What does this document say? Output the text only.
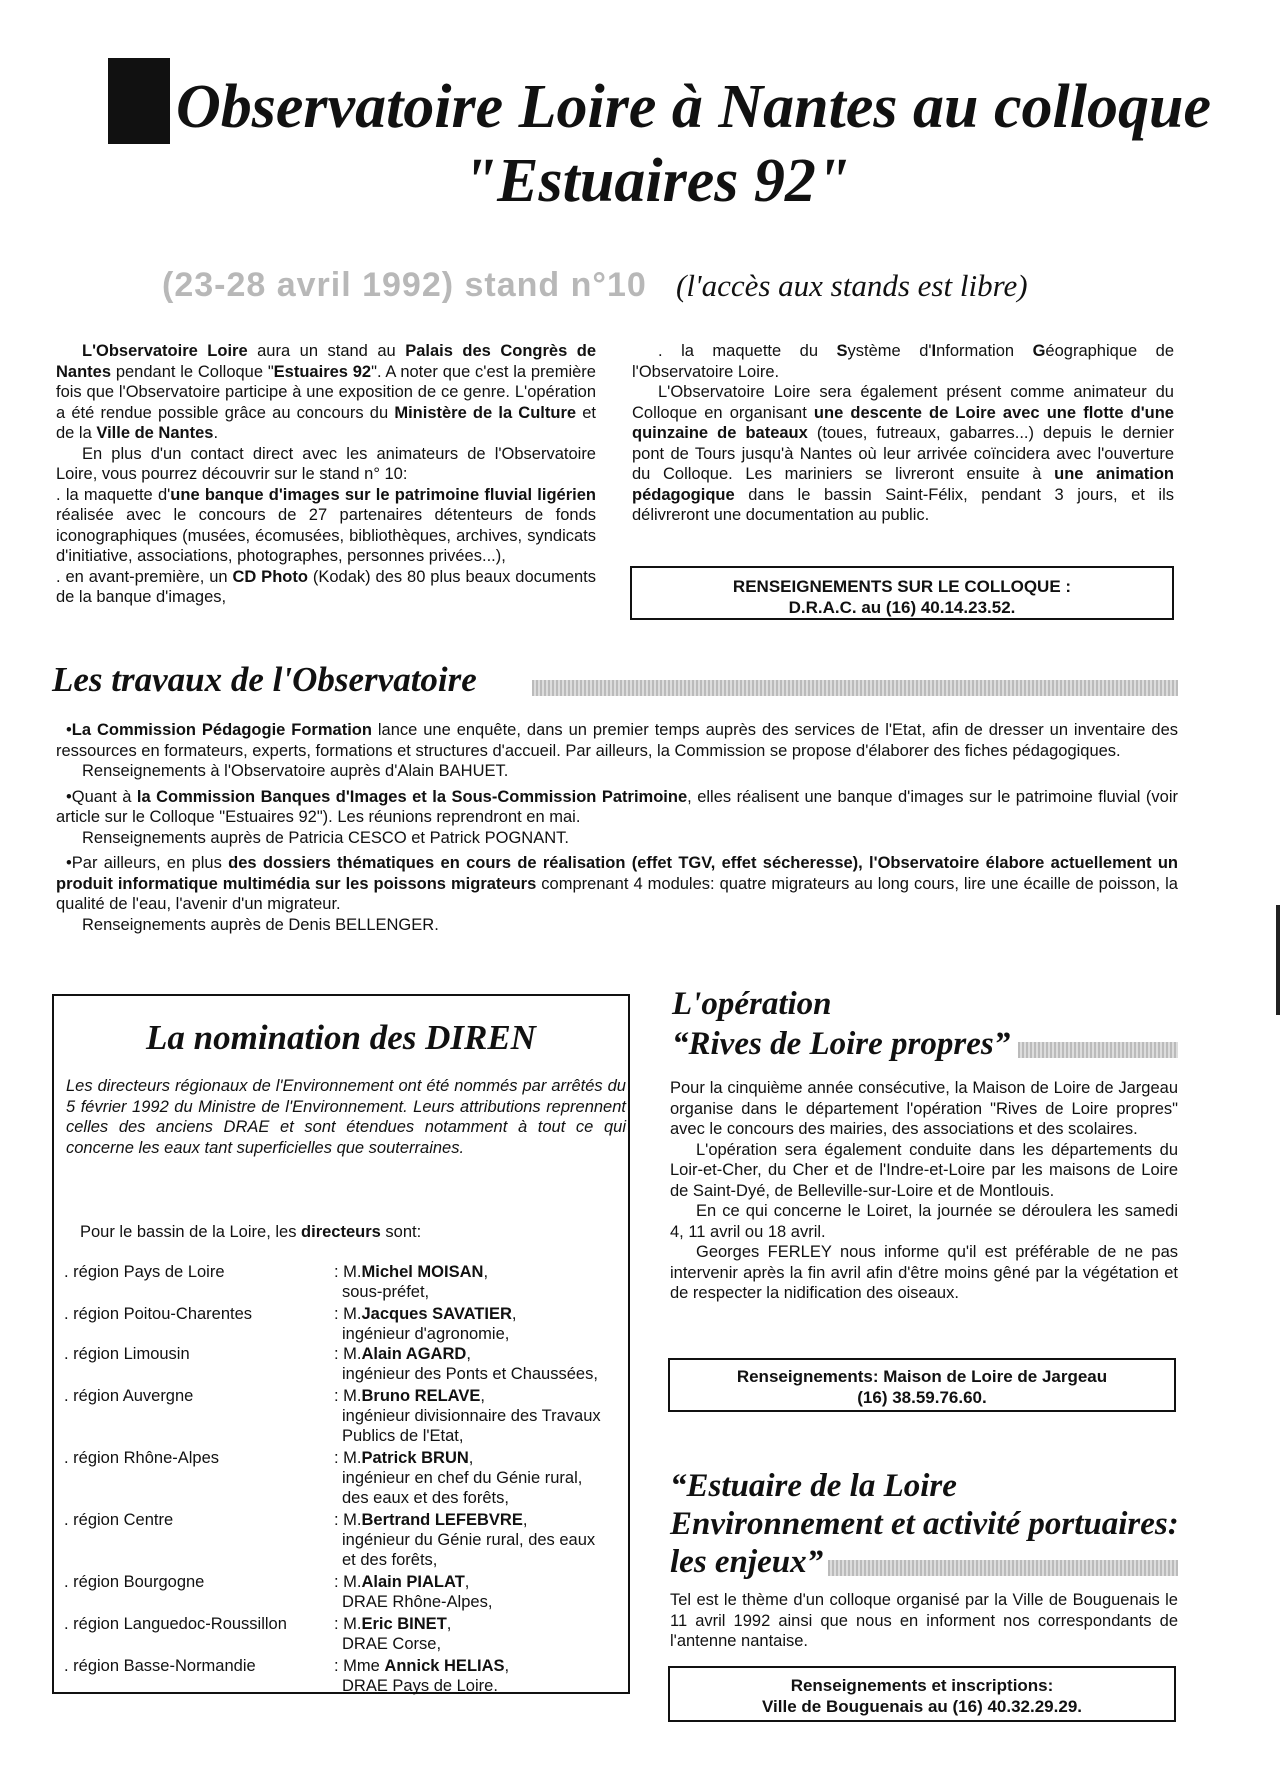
Observatoire Loire à Nantes au colloque
"Estuaires 92"
(23-28 avril 1992) stand n°10 (l'accès aux stands est libre)

L'Observatoire Loire aura un stand au Palais des Congrès de Nantes pendant le Colloque "Estuaires 92". A noter que c'est la première fois que l'Observatoire participe à une exposition de ce genre. L'opération a été rendue possible grâce au concours du Ministère de la Culture et de la Ville de Nantes.

En plus d'un contact direct avec les animateurs de l'Observatoire Loire, vous pourrez découvrir sur le stand n° 10:

. la maquette d'une banque d'images sur le patrimoine fluvial ligérien réalisée avec le concours de 27 partenaires détenteurs de fonds iconographiques (musées, écomusées, bibliothèques, archives, syndicats d'initiative, associations, photographes, personnes privées...),

. en avant-première, un CD Photo (Kodak) des 80 plus beaux documents de la banque d'images,

. la maquette du Système d'Information Géographique de l'Observatoire Loire.

L'Observatoire Loire sera également présent comme animateur du Colloque en organisant une descente de Loire avec une flotte d'une quinzaine de bateaux (toues, futreaux, gabarres...) depuis le dernier pont de Tours jusqu'à Nantes où leur arrivée coïncidera avec l'ouverture du Colloque. Les mariniers se livreront ensuite à une animation pédagogique dans le bassin Saint-Félix, pendant 3 jours, et ils délivreront une documentation au public.

RENSEIGNEMENTS SUR LE COLLOQUE :
D.R.A.C. au (16) 40.14.23.52.
Les travaux de l'Observatoire

•La Commission Pédagogie Formation lance une enquête, dans un premier temps auprès des services de l'Etat, afin de dresser un inventaire des ressources en formateurs, experts, formations et structures d'accueil. Par ailleurs, la Commission se propose d'élaborer des fiches pédagogiques.

Renseignements à l'Observatoire auprès d'Alain BAHUET.

•Quant à la Commission Banques d'Images et la Sous-Commission Patrimoine, elles réalisent une banque d'images sur le patrimoine fluvial (voir article sur le Colloque "Estuaires 92"). Les réunions reprendront en mai.

Renseignements auprès de Patricia CESCO et Patrick POGNANT.

•Par ailleurs, en plus des dossiers thématiques en cours de réalisation (effet TGV, effet sécheresse), l'Observatoire élabore actuellement un produit informatique multimédia sur les poissons migrateurs comprenant 4 modules: quatre migrateurs au long cours, lire une écaille de poisson, la qualité de l'eau, l'avenir d'un migrateur.

Renseignements auprès de Denis BELLENGER.

La nomination des DIREN
Les directeurs régionaux de l'Environnement ont été nommés par arrêtés du 5 février 1992 du Ministre de l'Environnement. Leurs attributions reprennent celles des anciens DRAE et sont étendues notamment à tout ce qui concerne les eaux tant superficielles que souterraines.
Pour le bassin de la Loire, les directeurs sont:
. région Pays de Loire	: M.Michel MOISAN,
sous-préfet,
. région Poitou-Charentes	: M.Jacques SAVATIER,
ingénieur d'agronomie,
. région Limousin	: M.Alain AGARD,
ingénieur des Ponts et Chaussées,
. région Auvergne	: M.Bruno RELAVE,
ingénieur divisionnaire des Travaux Publics de l'Etat,
. région Rhône-Alpes	: M.Patrick BRUN,
ingénieur en chef du Génie rural, des eaux et des forêts,
. région Centre	: M.Bertrand LEFEBVRE,
ingénieur du Génie rural, des eaux et des forêts,
. région Bourgogne	: M.Alain PIALAT,
DRAE Rhône-Alpes,
. région Languedoc-Roussillon	: M.Eric BINET,
DRAE Corse,
. région Basse-Normandie	: Mme Annick HELIAS,
DRAE Pays de Loire.
L'opération
“Rives de Loire propres”

Pour la cinquième année consécutive, la Maison de Loire de Jargeau organise dans le département l'opération "Rives de Loire propres" avec le concours des mairies, des associations et des scolaires.

L'opération sera également conduite dans les départements du Loir-et-Cher, du Cher et de l'Indre-et-Loire par les maisons de Loire de Saint-Dyé, de Belleville-sur-Loire et de Montlouis.

En ce qui concerne le Loiret, la journée se déroulera les samedi 4, 11 avril ou 18 avril.

Georges FERLEY nous informe qu'il est préférable de ne pas intervenir après la fin avril afin d'être moins gêné par la végétation et de respecter la nidification des oiseaux.

Renseignements: Maison de Loire de Jargeau
(16) 38.59.76.60.
“Estuaire de la Loire
Environnement et activité portuaires:
les enjeux”
Tel est le thème d'un colloque organisé par la Ville de Bouguenais le 11 avril 1992 ainsi que nous en informent nos correspondants de l'antenne nantaise.
Renseignements et inscriptions:
Ville de Bouguenais au (16) 40.32.29.29.
